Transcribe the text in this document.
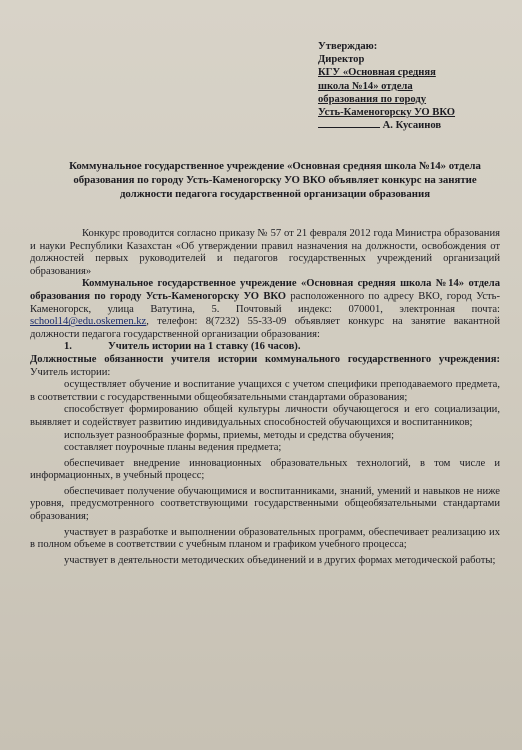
Утверждаю:
Директор
КГУ «Основная средняя
школа №14» отдела
образования по городу
Усть-Каменогорску УО ВКО
А. Кусаинов
Коммунальное государственное учреждение «Основная средняя школа №14» отдела образования по городу Усть-Каменогорску УО ВКО объявляет конкурс на занятие должности педагога государственной организации образования

Конкурс проводится согласно приказу № 57 от 21 февраля 2012 года Министра образования и науки Республики Казахстан «Об утверждении правил назначения на должности, освобождения от должностей первых руководителей и педагогов государственных учреждений организаций образования»

Коммунальное государственное учреждение «Основная средняя школа №14» отдела образования по городу Усть-Каменогорску УО ВКО расположенного по адресу ВКО, город Усть-Каменогорск, улица Ватутина, 5. Почтовый индекс: 070001, электронная почта: school14@edu.oskemen.kz, телефон: 8(7232) 55-33-09 объявляет конкурс на занятие вакантной должности педагога государственной организации образования:

1.	Учитель истории на 1 ставку (16 часов).

Должностные обязанности учителя истории коммунального государственного учреждения: Учитель истории:

осуществляет обучение и воспитание учащихся с учетом специфики преподаваемого предмета, в соответствии с государственными общеобязательными стандартами образования;

способствует формированию общей культуры личности обучающегося и его социализации, выявляет и содействует развитию индивидуальных способностей обучающихся и воспитанников;

использует разнообразные формы, приемы, методы и средства обучения;

составляет поурочные планы ведения предмета;

обеспечивает внедрение инновационных образовательных технологий, в том числе и информационных, в учебный процесс;

обеспечивает получение обучающимися и воспитанниками, знаний, умений и навыков не ниже уровня, предусмотренного соответствующими государственными общеобязательными стандартами образования;

участвует в разработке и выполнении образовательных программ, обеспечивает реализацию их в полном объеме в соответствии с учебным планом и графиком учебного процесса;

участвует в деятельности методических объединений и в других формах методической работы;
